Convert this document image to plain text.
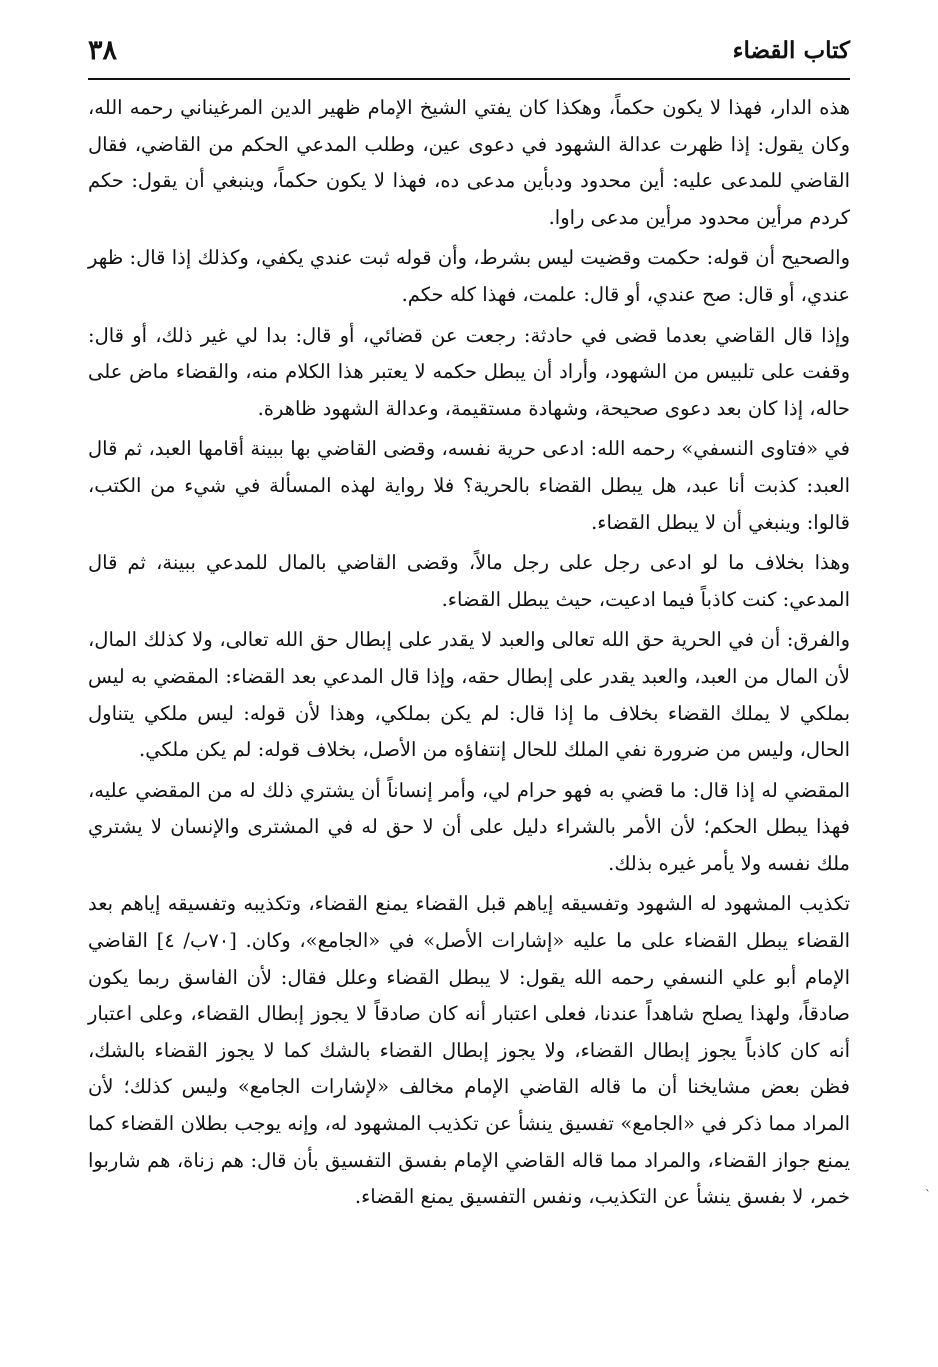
٣٨	كتاب القضاء

هذه الدار، فهذا لا يكون حكماً، وهكذا كان يفتي الشيخ الإمام ظهير الدين المرغيناني رحمه الله، وكان يقول: إذا ظهرت عدالة الشهود في دعوى عين، وطلب المدعي الحكم من القاضي، فقال القاضي للمدعى عليه: أين محدود ودبأين مدعى ده، فهذا لا يكون حكماً، وينبغي أن يقول: حكم كردم مرأين محدود مرأين مدعى راوا.

والصحيح أن قوله: حكمت وقضيت ليس بشرط، وأن قوله ثبت عندي يكفي، وكذلك إذا قال: ظهر عندي، أو قال: صح عندي، أو قال: علمت، فهذا كله حكم.

وإذا قال القاضي بعدما قضى في حادثة: رجعت عن قضائي، أو قال: بدا لي غير ذلك، أو قال: وقفت على تلبيس من الشهود، وأراد أن يبطل حكمه لا يعتبر هذا الكلام منه، والقضاء ماض على حاله، إذا كان بعد دعوى صحيحة، وشهادة مستقيمة، وعدالة الشهود ظاهرة.

في «فتاوى النسفي» رحمه الله: ادعى حرية نفسه، وقضى القاضي بها ببينة أقامها العبد، ثم قال العبد: كذبت أنا عبد، هل يبطل القضاء بالحرية؟ فلا رواية لهذه المسألة في شيء من الكتب، قالوا: وينبغي أن لا يبطل القضاء.

وهذا بخلاف ما لو ادعى رجل على رجل مالاً، وقضى القاضي بالمال للمدعي ببينة، ثم قال المدعي: كنت كاذباً فيما ادعيت، حيث يبطل القضاء.

والفرق: أن في الحرية حق الله تعالى والعبد لا يقدر على إبطال حق الله تعالى، ولا كذلك المال، لأن المال من العبد، والعبد يقدر على إبطال حقه، وإذا قال المدعي بعد القضاء: المقضي به ليس بملكي لا يملك القضاء بخلاف ما إذا قال: لم يكن بملكي، وهذا لأن قوله: ليس ملكي يتناول الحال، وليس من ضرورة نفي الملك للحال إنتفاؤه من الأصل، بخلاف قوله: لم يكن ملكي.

المقضي له إذا قال: ما قضي به فهو حرام لي، وأمر إنساناً أن يشتري ذلك له من المقضي عليه، فهذا يبطل الحكم؛ لأن الأمر بالشراء دليل على أن لا حق له في المشترى والإنسان لا يشتري ملك نفسه ولا يأمر غيره بذلك.

تكذيب المشهود له الشهود وتفسيقه إياهم قبل القضاء يمنع القضاء، وتكذيبه وتفسيقه إياهم بعد القضاء يبطل القضاء على ما عليه «إشارات الأصل» في «الجامع»، وكان. [٧٠ب/ ٤] القاضي الإمام أبو علي النسفي رحمه الله يقول: لا يبطل القضاء وعلل فقال: لأن الفاسق ربما يكون صادقاً، ولهذا يصلح شاهداً عندنا، فعلى اعتبار أنه كان صادقاً لا يجوز إبطال القضاء، وعلى اعتبار أنه كان كاذباً يجوز إبطال القضاء، ولا يجوز إبطال القضاء بالشك كما لا يجوز القضاء بالشك، فظن بعض مشايخنا أن ما قاله القاضي الإمام مخالف «لإشارات الجامع» وليس كذلك؛ لأن المراد مما ذكر في «الجامع» تفسيق ينشأ عن تكذيب المشهود له، وإنه يوجب بطلان القضاء كما يمنع جواز القضاء، والمراد مما قاله القاضي الإمام بفسق التفسيق بأن قال: هم زناة، هم شاربوا خمر، لا بفسق ينشأ عن التكذيب، ونفس التفسيق يمنع القضاء.	`
